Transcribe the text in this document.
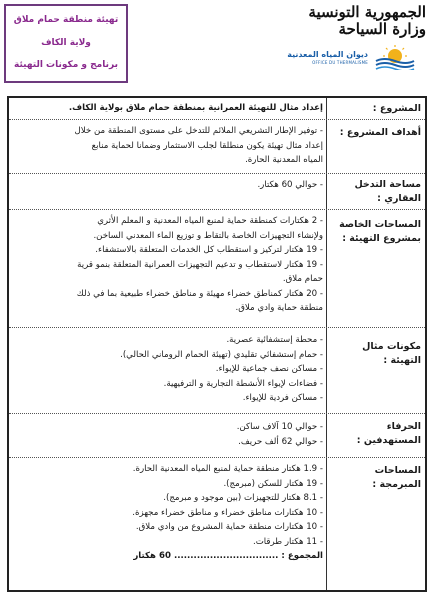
تهيئة منطقة حمام ملاق
ولاية الكاف
برنامج و مكونات التهيئة
الجمهورية التونسية
وزارة السياحة
ديوان المياه المعدنية
OFFICE DU THERMALISME
المشروع :

إعداد مثال للتهيئة العمرانية بمنطقة حمام ملاق بولاية الكاف.

أهداف المشروع :

- توفير الإطار التشريعي الملائم للتدخل على مستوى المنطقة من خلال

إعداد مثال تهيئة يكون منطلقا لجلب الاستثمار وضمانا لحماية منابع

المياه المعدنية الحارة.

مساحة التدخل العقاري :

- حوالي 60 هكتار.

المساحات الخاصة بمشروع التهيئة :

- 2 هكتارات كمنطقة حماية لمنبع المياه المعدنية و المعلم الأثري

ولإنشاء التجهيزات الخاصة بالتقاط و توزيع الماء المعدني الساخن.

- 19 هكتار لتركيز و استقطاب كل الخدمات المتعلقة بالاستشفاء.

- 19 هكتار لاستقطاب و تدعيم التجهيزات العمرانية المتعلقة بنمو قرية

حمام ملاق.

- 20 هكتار كمناطق خضراء مهيئة و مناطق خضراء طبيعية بما في ذلك

منطقة حماية وادي ملاق.

مكونات مثال التهيئة :

- محطة إستشفائية عصرية.

- حمام إستشفائي تقليدي (تهيئة الحمام الروماني الحالي).

- مساكن نصف جماعية للإيواء.

- فضاءات لإيواء الأنشطة التجارية و الترفيهية.

- مساكن فردية للإيواء.

الحرفاء المستهدفين :

- حوالي 10 آلاف ساكن.

- حوالي 62 ألف حريف.

المساحات المبرمجة :

- 1.9 هكتار منطقة حماية لمنبع المياه المعدنية الحارة.

- 19 هكتار للسكن (مبرمج).

- 8.1 هكتار للتجهيزات (بين موجود و مبرمج).

- 10 هكتارات مناطق خضراء و مناطق خضراء مجهزة.

- 10 هكتارات منطقة حماية المشروع من وادي ملاق.

- 11 هكتار طرقات.

المجموع : ................................ 60 هكتار
